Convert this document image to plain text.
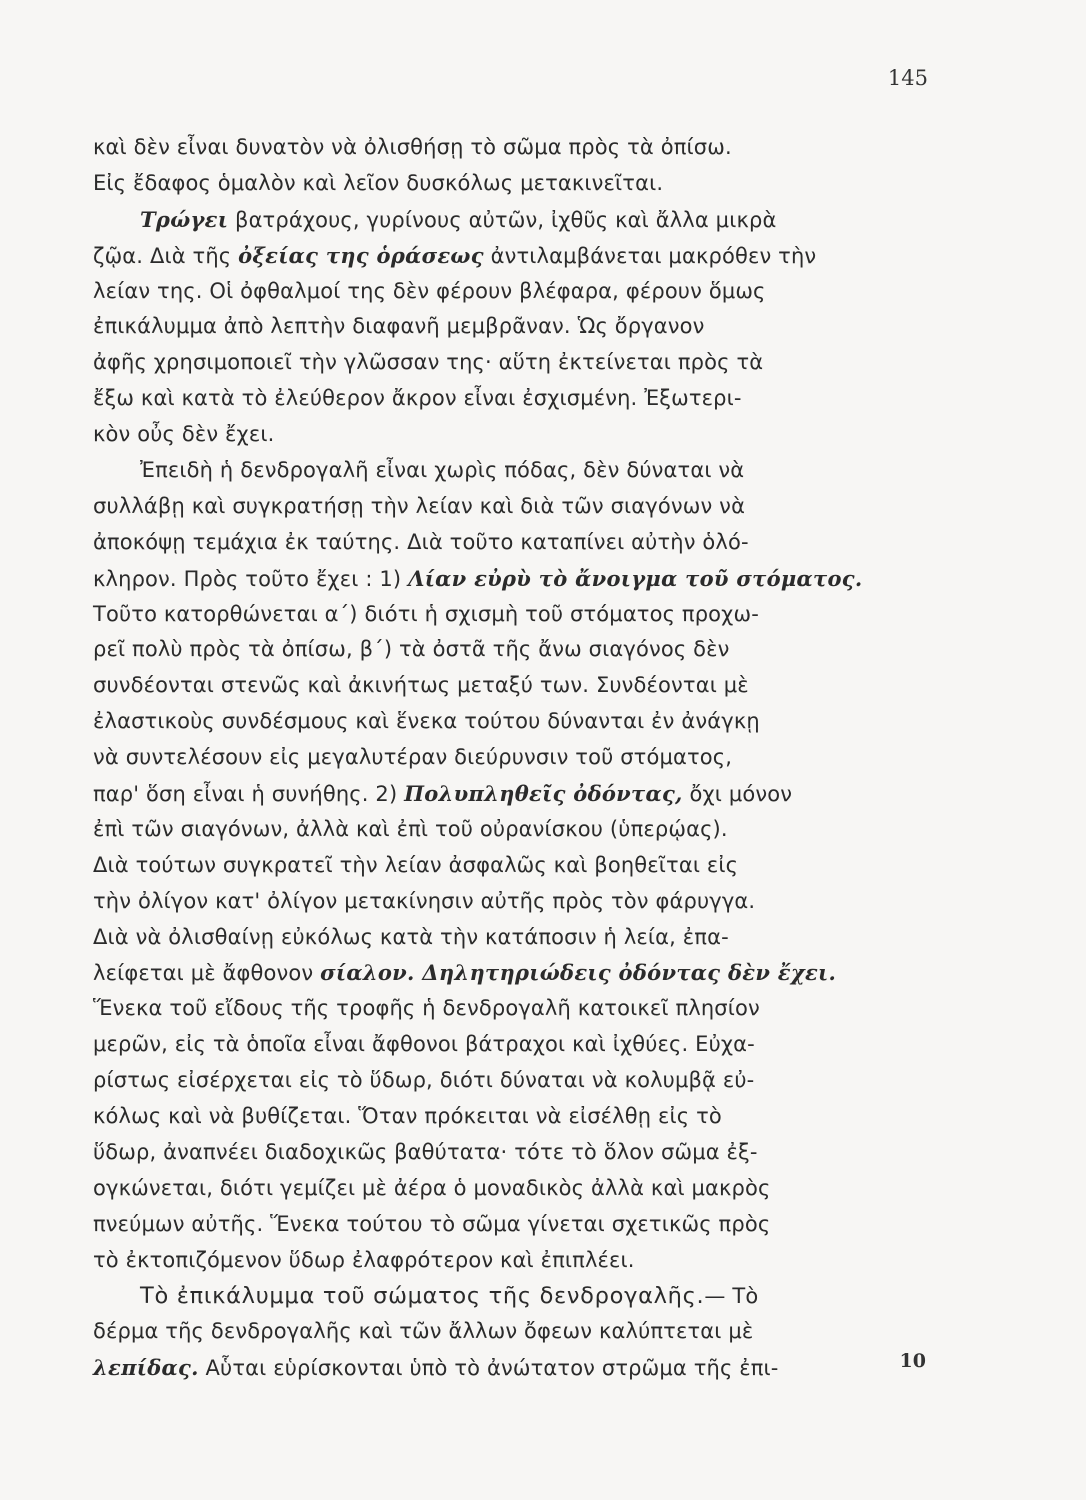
145
καὶ δὲν εἶναι δυνατὸν νὰ ὀλισθήσῃ τὸ σῶμα πρὸς τὰ ὀπίσω.
Εἰς ἔδαφος ὁμαλὸν καὶ λεῖον δυσκόλως μετακινεῖται.
Τρώγει βατράχους, γυρίνους αὐτῶν, ἰχθῦς καὶ ἄλλα μικρὰ
ζῷα. Διὰ τῆς ὀξείας της ὁράσεως ἀντιλαμβάνεται μακρόθεν τὴν
λείαν της. Οἱ ὀφθαλμοί της δὲν φέρουν βλέφαρα, φέρουν ὅμως
ἐπικάλυμμα ἀπὸ λεπτὴν διαφανῆ μεμβρᾶναν. Ὡς ὄργανον
ἀφῆς χρησιμοποιεῖ τὴν γλῶσσαν της· αὕτη ἐκτείνεται πρὸς τὰ
ἔξω καὶ κατὰ τὸ ἐλεύθερον ἄκρον εἶναι ἐσχισμένη. Ἐξωτερι-
κὸν οὖς δὲν ἔχει.
Ἐπειδὴ ἡ δενδρογαλῆ εἶναι χωρὶς πόδας, δὲν δύναται νὰ
συλλάβῃ καὶ συγκρατήσῃ τὴν λείαν καὶ διὰ τῶν σιαγόνων νὰ
ἀποκόψῃ τεμάχια ἐκ ταύτης. Διὰ τοῦτο καταπίνει αὐτὴν ὁλό-
κληρον. Πρὸς τοῦτο ἔχει : 1) Λίαν εὐρὺ τὸ ἄνοιγμα τοῦ στόματος.
Τοῦτο κατορθώνεται α΄) διότι ἡ σχισμὴ τοῦ στόματος προχω-
ρεῖ πολὺ πρὸς τὰ ὀπίσω, β΄) τὰ ὀστᾶ τῆς ἄνω σιαγόνος δὲν
συνδέονται στενῶς καὶ ἀκινήτως μεταξύ των. Συνδέονται μὲ
ἐλαστικοὺς συνδέσμους καὶ ἕνεκα τούτου δύνανται ἐν ἀνάγκῃ
νὰ συντελέσουν εἰς μεγαλυτέραν διεύρυνσιν τοῦ στόματος,
παρ' ὅση εἶναι ἡ συνήθης. 2) Πολυπληθεῖς ὀδόντας, ὄχι μόνον
ἐπὶ τῶν σιαγόνων, ἀλλὰ καὶ ἐπὶ τοῦ οὐρανίσκου (ὑπερῴας).
Διὰ τούτων συγκρατεῖ τὴν λείαν ἀσφαλῶς καὶ βοηθεῖται εἰς
τὴν ὀλίγον κατ' ὀλίγον μετακίνησιν αὐτῆς πρὸς τὸν φάρυγγα.
Διὰ νὰ ὀλισθαίνῃ εὐκόλως κατὰ τὴν κατάποσιν ἡ λεία, ἐπα-
λείφεται μὲ ἄφθονον σίαλον. Δηλητηριώδεις ὀδόντας δὲν ἔχει.
Ἕνεκα τοῦ εἴδους τῆς τροφῆς ἡ δενδρογαλῆ κατοικεῖ πλησίον
μερῶν, εἰς τὰ ὁποῖα εἶναι ἄφθονοι βάτραχοι καὶ ἰχθύες. Εὐχα-
ρίστως εἰσέρχεται εἰς τὸ ὕδωρ, διότι δύναται νὰ κολυμβᾷ εὐ-
κόλως καὶ νὰ βυθίζεται. Ὅταν πρόκειται νὰ εἰσέλθῃ εἰς τὸ
ὕδωρ, ἀναπνέει διαδοχικῶς βαθύτατα· τότε τὸ ὅλον σῶμα ἐξ-
ογκώνεται, διότι γεμίζει μὲ ἀέρα ὁ μοναδικὸς ἀλλὰ καὶ μακρὸς
πνεύμων αὐτῆς. Ἕνεκα τούτου τὸ σῶμα γίνεται σχετικῶς πρὸς
τὸ ἐκτοπιζόμενον ὕδωρ ἐλαφρότερον καὶ ἐπιπλέει.
Τὸ ἐπικάλυμμα τοῦ σώματος τῆς δενδρογαλῆς.— Τὸ
δέρμα τῆς δενδρογαλῆς καὶ τῶν ἄλλων ὄφεων καλύπτεται μὲ
λεπίδας. Αὗται εὑρίσκονται ὑπὸ τὸ ἀνώτατον στρῶμα τῆς ἐπι-	10
